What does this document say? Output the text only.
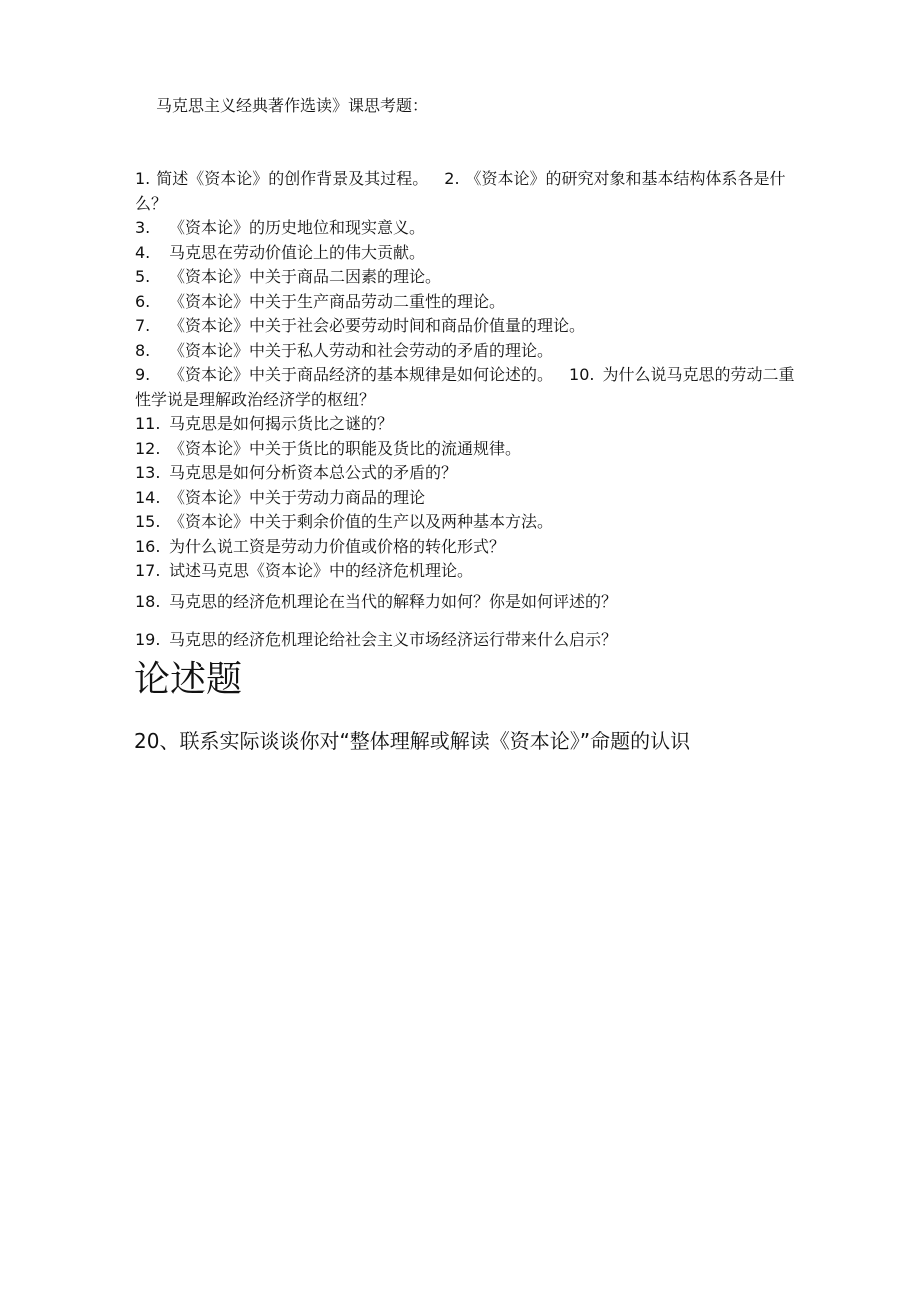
马克思主义经典著作选读》课思考题：
1. 简述《资本论》的创作背景及其过程。 2. 《资本论》的研究对象和基本结构体系各是什么？
3. 《资本论》的历史地位和现实意义。
4. 马克思在劳动价值论上的伟大贡献。
5. 《资本论》中关于商品二因素的理论。
6. 《资本论》中关于生产商品劳动二重性的理论。
7. 《资本论》中关于社会必要劳动时间和商品价值量的理论。
8. 《资本论》中关于私人劳动和社会劳动的矛盾的理论。
9. 《资本论》中关于商品经济的基本规律是如何论述的。 10. 为什么说马克思的劳动二重性学说是理解政治经济学的枢纽？
11. 马克思是如何揭示货比之谜的？
12. 《资本论》中关于货比的职能及货比的流通规律。
13. 马克思是如何分析资本总公式的矛盾的？
14. 《资本论》中关于劳动力商品的理论
15. 《资本论》中关于剩余价值的生产以及两种基本方法。
16. 为什么说工资是劳动力价值或价格的转化形式？
17. 试述马克思《资本论》中的经济危机理论。
18. 马克思的经济危机理论在当代的解释力如何？你是如何评述的？
19. 马克思的经济危机理论给社会主义市场经济运行带来什么启示？
论述题
20、联系实际谈谈你对“整体理解或解读《资本论》”命题的认识
